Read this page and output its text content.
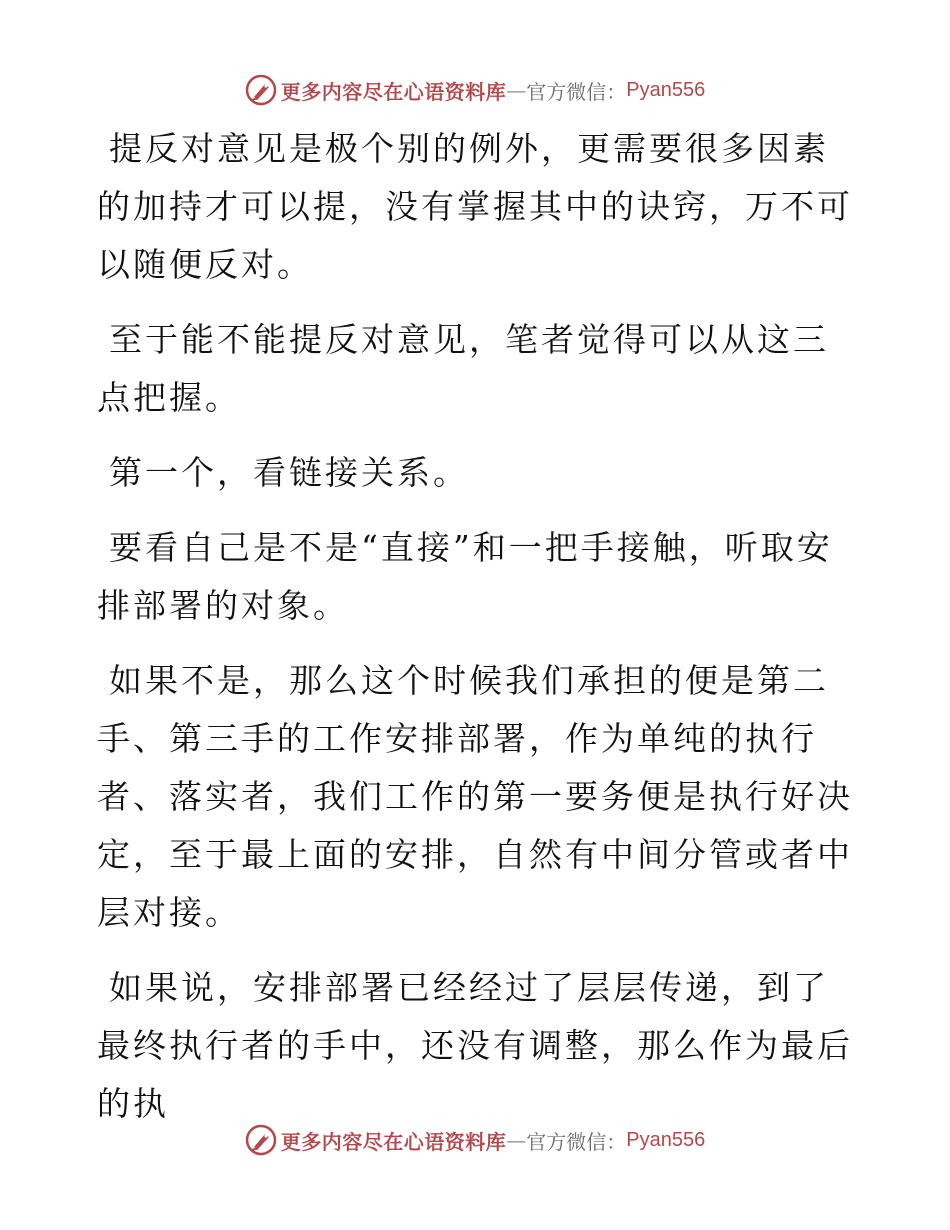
更多内容尽在心语资料库 — 官方微信： Pyan556

提反对意见是极个别的例外，更需要很多因素的加持才可以提，没有掌握其中的诀窍，万不可以随便反对。

至于能不能提反对意见，笔者觉得可以从这三点把握。

第一个，看链接关系。

要看自己是不是“直接”和一把手接触，听取安排部署的对象。

如果不是，那么这个时候我们承担的便是第二手、第三手的工作安排部署，作为单纯的执行者、落实者，我们工作的第一要务便是执行好决定，至于最上面的安排，自然有中间分管或者中层对接。

如果说，安排部署已经经过了层层传递，到了最终执行者的手中，还没有调整，那么作为最后的执

更多内容尽在心语资料库 — 官方微信： Pyan556
